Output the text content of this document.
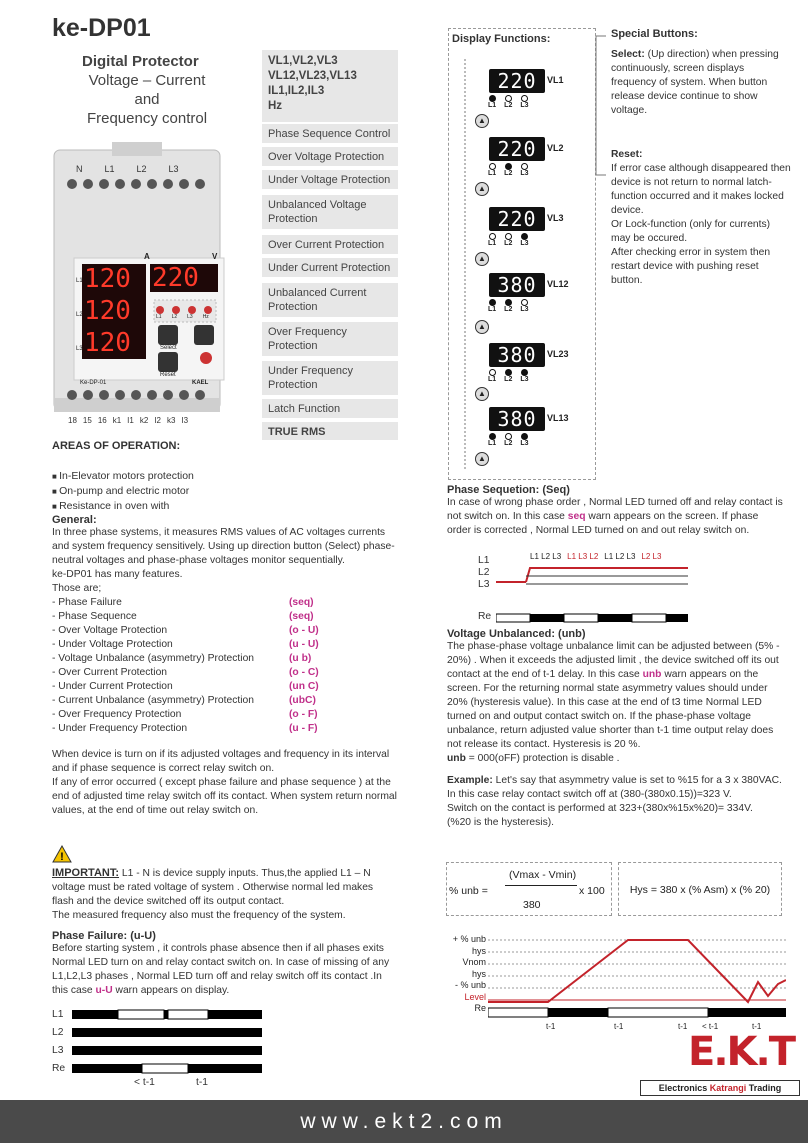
ke-DP01
Digital Protector
Voltage – Current
and
Frequency control
VL1,VL2,VL3
VL12,VL23,VL13
IL1,IL2,IL3
Hz
Phase Sequence Control
Over Voltage Protection
Under Voltage Protection
Unbalanced Voltage Protection
Over Current Protection
Under Current Protection
Unbalanced Current Protection
Over Frequency Protection
Under Frequency Protection
Latch Function
TRUE RMS
N L1 L2 L3
A	V
120
120
120
220
L1
L2
L3
L1 L2 L3 Hz
Select
Reset
Ke-DP-01	KAEL
18 15 16 k1 I1 k2 I2 k3 I3
AREAS OF OPERATION:
■ In-Elevator motors protection
■ On-pump and electric motor
■ Resistance in oven with
General:
In three phase systems, it measures RMS values of AC voltages currents and system frequency sensitively. Using up direction button (Select) phase-neutral voltages and phase-phase voltages monitor sequentially.
ke-DP01 has many features.
Those are;
- Phase Failure	(seq)
- Phase Sequence	(seq)
- Over Voltage Protection	(o - U)
- Under Voltage Protection	(u - U)
- Voltage Unbalance (asymmetry) Protection	(u b)
- Over Current Protection	(o - C)
- Under Current Protection	(un C)
- Current Unbalance (asymmetry) Protection	(ubC)
- Over Frequency Protection	(o - F)
- Under Frequency Protection	(u - F)
When device is turn on if its adjusted voltages and frequency in its interval and if phase sequence is correct relay switch on.
If any of error occurred ( except phase failure and phase sequence ) at the end of adjusted time relay switch off its contact. When system return normal values, at the end of time out relay switch on.
!
IMPORTANT: L1 - N is device supply inputs. Thus,the applied L1 – N voltage must be rated voltage of system . Otherwise normal led makes flash and the device switched off its output contact.
The measured frequency also must the frequency of the system.
Phase Failure: (u-U)
Before starting system , it controls phase absence then if all phases exits Normal LED turn on and relay contact switch on. In case of missing of any L1,L2,L3 phases , Normal LED turn off and relay switch off its contact .In this case u-U warn appears on display.
L1
L2
L3
Re
< t-1	t-1
Display Functions:
220	VL1
L1 L2 L3
▲
220	VL2
L1 L2 L3
▲
220	VL3
L1 L2 L3
▲
380	VL12
L1 L2 L3
▲
380	VL23
L1 L2 L3
▲
380	VL13
L1 L2 L3
▲
Special Buttons:
Select: (Up direction) when pressing continuously, screen displays frequency of system. When button release device continue to show voltage.
Reset:
If error case although disappeared then device is not return to normal latch-function occurred and it makes locked device.
Or Lock-function (only for currents) may be occured.
After checking error in system then restart device with pushing reset button.
Phase Sequetion: (Seq)
In case of wrong phase order , Normal LED turned off and relay contact is not switch on. In this case seq warn appears on the screen. If phase order is corrected , Normal LED turned on and out relay switch on.
L1
L2
L3
Re
L1 L2 L3 L1 L3 L2 L1 L2 L3 L2 L3
Voltage Unbalanced: (unb)
The phase-phase voltage unbalance limit can be adjusted between (5% - 20%) . When it exceeds the adjusted limit , the device switched off its out contact at the end of t-1 delay. In this case unb warn appears on the screen. For the returning normal state asymmetry values should under 20% (hysteresis value). In this case at the end of t3 time Normal LED turned on and output contact switch on. If the phase-phase voltage unbalance, return adjusted value shorter than t-1 time output relay does not release its contact. Hysteresis is 20 %.
unb = 000(oFF) protection is disable .
Example: Let's say that asymmetry value is set to %15 for a 3 x 380VAC.
In this case relay contact switch off at (380-(380x0.15))=323 V.
Switch on the contact is performed at 323+(380x%15x%20)= 334V.
(%20 is the hysteresis).
% unb =
(Vmax - Vmin)
380
x 100	Hys = 380 x (% Asm) x (% 20)
+ % unb
hys
Vnom
hys
- % unb
Level
Re
t-1	t-1	t-1 < t-1	t-1
E.K.T
Electronics Katrangi Trading
www.ekt2.com
